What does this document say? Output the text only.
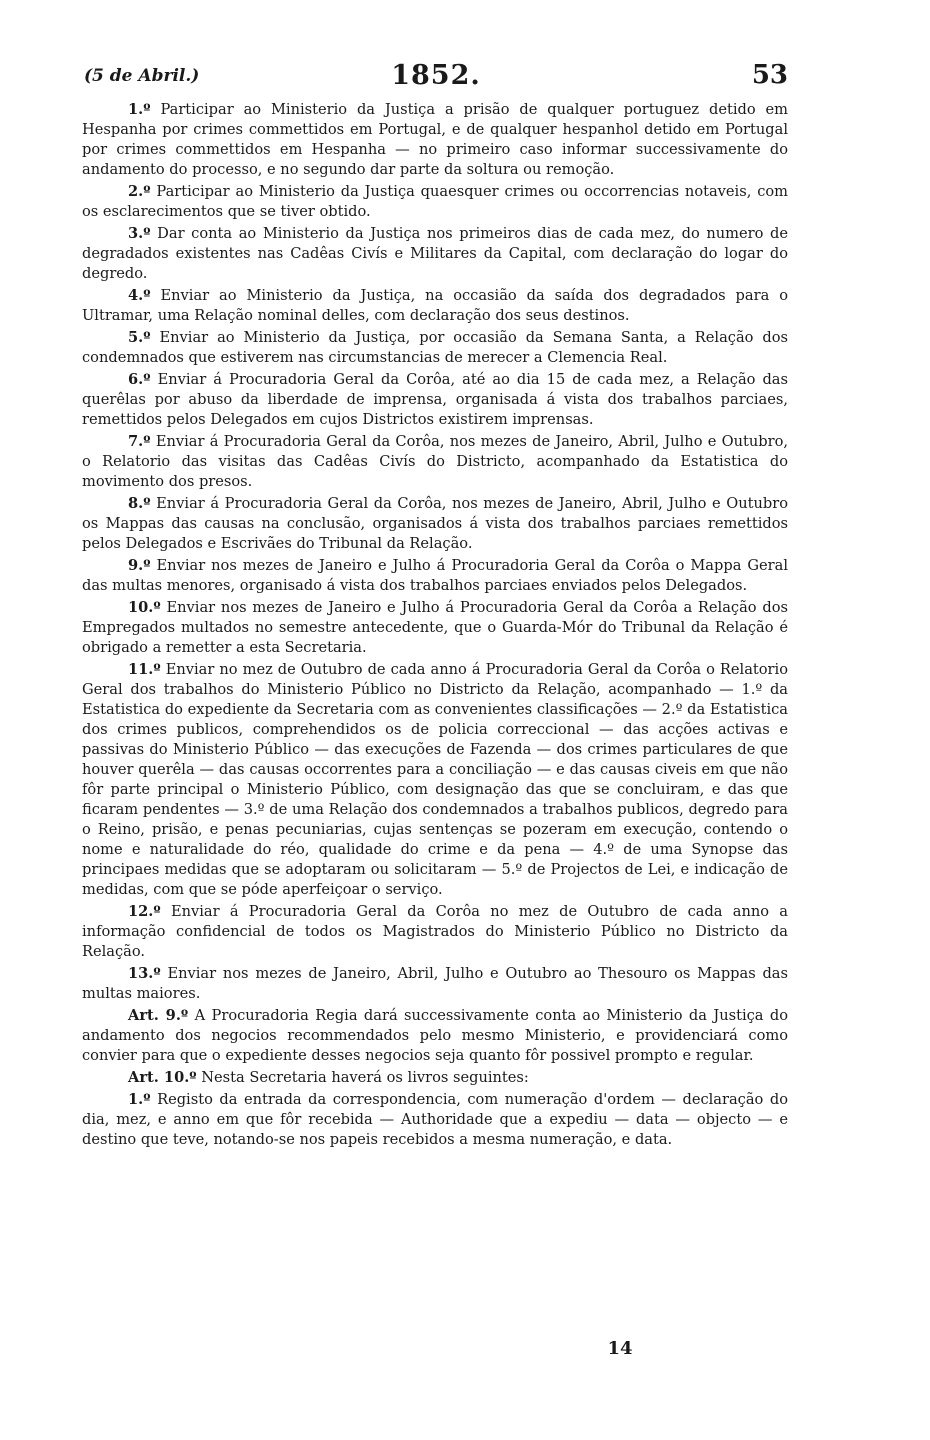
(5 de Abril.)	1852.	53

1.º Participar ao Ministerio da Justiça a prisão de qualquer portuguez detido em Hespanha por crimes commettidos em Portugal, e de qualquer hespanhol detido em Portugal por crimes commettidos em Hespanha — no primeiro caso informar successivamente do andamento do processo, e no segundo dar parte da soltura ou remoção.

2.º Participar ao Ministerio da Justiça quaesquer crimes ou occorrencias notaveis, com os esclarecimentos que se tiver obtido.

3.º Dar conta ao Ministerio da Justiça nos primeiros dias de cada mez, do numero de degradados existentes nas Cadêas Civís e Militares da Capital, com declaração do logar do degredo.

4.º Enviar ao Ministerio da Justiça, na occasião da saída dos degradados para o Ultramar, uma Relação nominal delles, com declaração dos seus destinos.

5.º Enviar ao Ministerio da Justiça, por occasião da Semana Santa, a Relação dos condemnados que estiverem nas circumstancias de merecer a Clemencia Real.

6.º Enviar á Procuradoria Geral da Corôa, até ao dia 15 de cada mez, a Relação das querêlas por abuso da liberdade de imprensa, organisada á vista dos trabalhos parciaes, remettidos pelos Delegados em cujos Districtos existirem imprensas.

7.º Enviar á Procuradoria Geral da Corôa, nos mezes de Janeiro, Abril, Julho e Outubro, o Relatorio das visitas das Cadêas Civís do Districto, acompanhado da Estatistica do movimento dos presos.

8.º Enviar á Procuradoria Geral da Corôa, nos mezes de Janeiro, Abril, Julho e Outubro os Mappas das causas na conclusão, organisados á vista dos trabalhos parciaes remettidos pelos Delegados e Escrivães do Tribunal da Relação.

9.º Enviar nos mezes de Janeiro e Julho á Procuradoria Geral da Corôa o Mappa Geral das multas menores, organisado á vista dos trabalhos parciaes enviados pelos Delegados.

10.º Enviar nos mezes de Janeiro e Julho á Procuradoria Geral da Corôa a Relação dos Empregados multados no semestre antecedente, que o Guarda-Mór do Tribunal da Relação é obrigado a remetter a esta Secretaria.

11.º Enviar no mez de Outubro de cada anno á Procuradoria Geral da Corôa o Relatorio Geral dos trabalhos do Ministerio Público no Districto da Relação, acompanhado — 1.º da Estatistica do expediente da Secretaria com as convenientes classificações — 2.º da Estatistica dos crimes publicos, comprehendidos os de policia correccional — das acções activas e passivas do Ministerio Público — das execuções de Fazenda — dos crimes particulares de que houver querêla — das causas occorrentes para a conciliação — e das causas civeis em que não fôr parte principal o Ministerio Público, com designação das que se concluiram, e das que ficaram pendentes — 3.º de uma Relação dos condemnados a trabalhos publicos, degredo para o Reino, prisão, e penas pecuniarias, cujas sentenças se pozeram em execução, contendo o nome e naturalidade do réo, qualidade do crime e da pena — 4.º de uma Synopse das principaes medidas que se adoptaram ou solicitaram — 5.º de Projectos de Lei, e indicação de medidas, com que se póde aperfeiçoar o serviço.

12.º Enviar á Procuradoria Geral da Corôa no mez de Outubro de cada anno a informação confidencial de todos os Magistrados do Ministerio Público no Districto da Relação.

13.º Enviar nos mezes de Janeiro, Abril, Julho e Outubro ao Thesouro os Mappas das multas maiores.

Art. 9.º A Procuradoria Regia dará successivamente conta ao Ministerio da Justiça do andamento dos negocios recommendados pelo mesmo Ministerio, e providenciará como convier para que o expediente desses negocios seja quanto fôr possivel prompto e regular.

Art. 10.º Nesta Secretaria haverá os livros seguintes:

1.º Registo da entrada da correspondencia, com numeração d'ordem — declaração do dia, mez, e anno em que fôr recebida — Authoridade que a expediu — data — objecto — e destino que teve, notando-se nos papeis recebidos a mesma numeração, e data.

14
